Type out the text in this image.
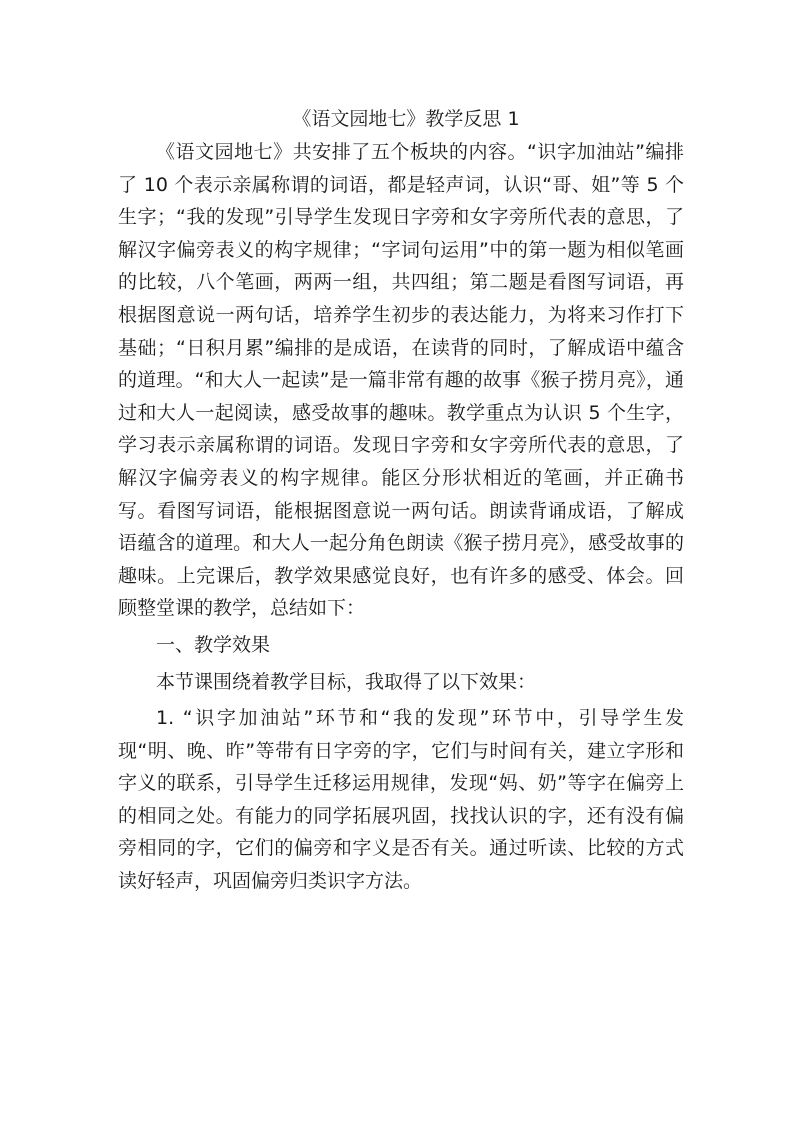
《语文园地七》教学反思 1

《语文园地七》共安排了五个板块的内容。“识字加油站”编排了 10 个表示亲属称谓的词语，都是轻声词，认识“哥、姐”等 5 个生字；“我的发现”引导学生发现日字旁和女字旁所代表的意思，了解汉字偏旁表义的构字规律；“字词句运用”中的第一题为相似笔画的比较，八个笔画，两两一组，共四组；第二题是看图写词语，再根据图意说一两句话，培养学生初步的表达能力，为将来习作打下基础；“日积月累”编排的是成语，在读背的同时，了解成语中蕴含的道理。“和大人一起读”是一篇非常有趣的故事《猴子捞月亮》，通过和大人一起阅读，感受故事的趣味。教学重点为认识 5 个生字，学习表示亲属称谓的词语。发现日字旁和女字旁所代表的意思，了解汉字偏旁表义的构字规律。能区分形状相近的笔画，并正确书写。看图写词语，能根据图意说一两句话。朗读背诵成语，了解成语蕴含的道理。和大人一起分角色朗读《猴子捞月亮》，感受故事的趣味。上完课后，教学效果感觉良好，也有许多的感受、体会。回顾整堂课的教学，总结如下：

一、教学效果

本节课围绕着教学目标，我取得了以下效果：

1. “识字加油站”环节和“我的发现”环节中，引导学生发现“明、晚、昨”等带有日字旁的字，它们与时间有关，建立字形和字义的联系，引导学生迁移运用规律，发现“妈、奶”等字在偏旁上的相同之处。有能力的同学拓展巩固，找找认识的字，还有没有偏旁相同的字，它们的偏旁和字义是否有关。通过听读、比较的方式读好轻声，巩固偏旁归类识字方法。
